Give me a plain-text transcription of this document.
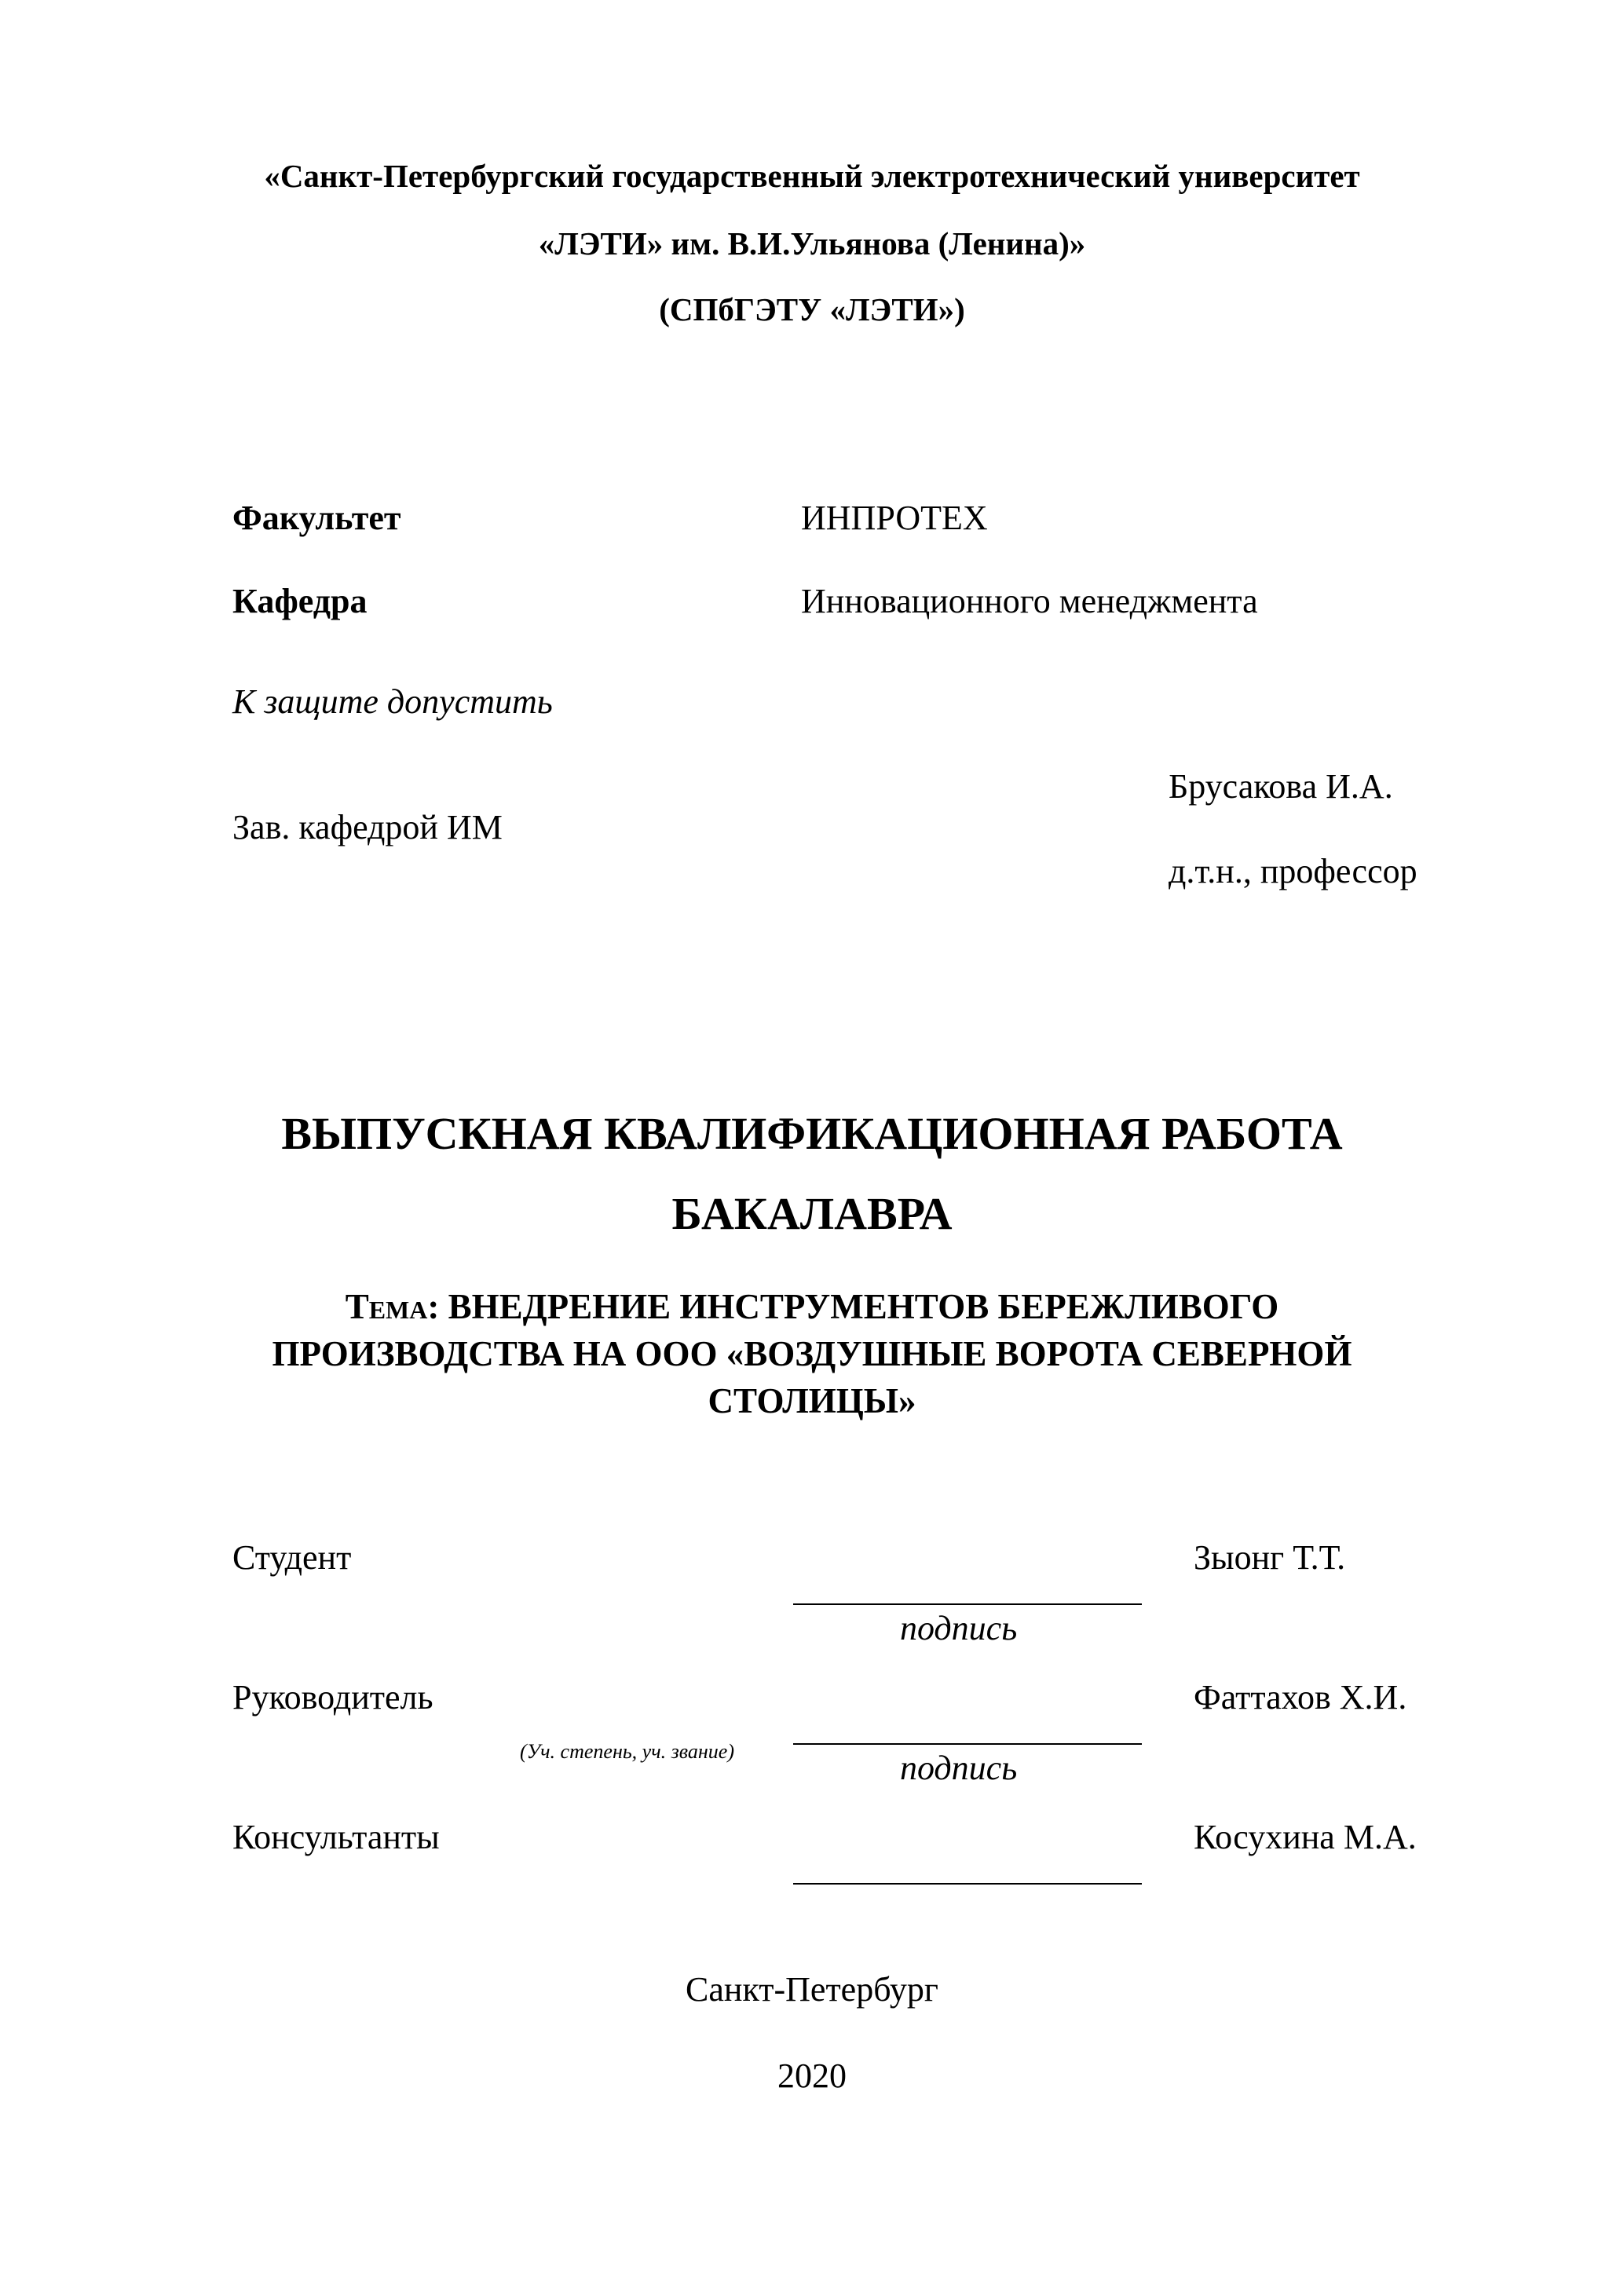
«Санкт-Петербургский государственный электротехнический университет
«ЛЭТИ» им. В.И.Ульянова (Ленина)»
(СПбГЭТУ «ЛЭТИ»)
Факультет	ИНПРОТЕХ
Кафедра	Инновационного менеджмента
К защите допустить
Брусакова И.А.
Зав. кафедрой ИМ
д.т.н., профессор
ВЫПУСКНАЯ КВАЛИФИКАЦИОННАЯ РАБОТА
БАКАЛАВРА
Тема: ВНЕДРЕНИЕ ИНСТРУМЕНТОВ БЕРЕЖЛИВОГО
ПРОИЗВОДСТВА НА ООО «ВОЗДУШНЫЕ ВОРОТА СЕВЕРНОЙ
СТОЛИЦЫ»
Студент	Зыонг Т.Т.
подпись
Руководитель	Фаттахов Х.И.
(Уч. степень, уч. звание)	подпись
Консультанты	Косухина М.А.
Санкт-Петербург
2020
